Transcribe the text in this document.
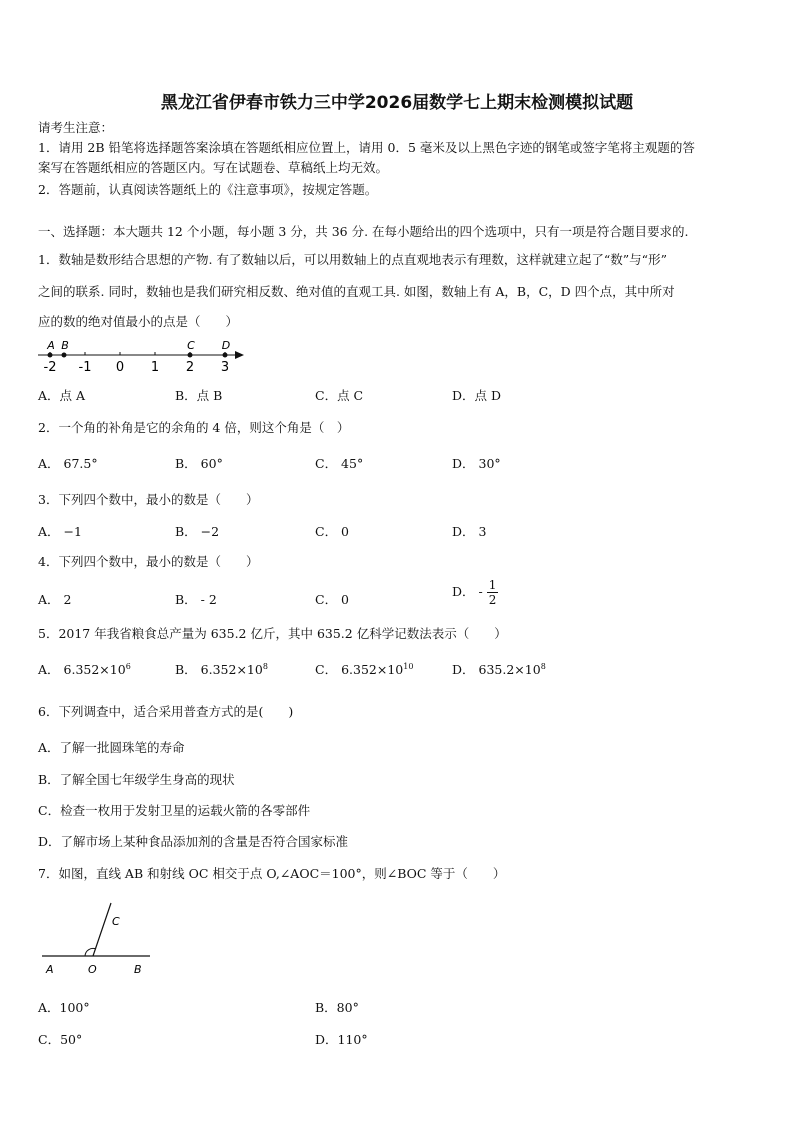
黑龙江省伊春市铁力三中学2026届数学七上期末检测模拟试题
请考生注意：
1．请用 2B 铅笔将选择题答案涂填在答题纸相应位置上，请用 0．5 毫米及以上黑色字迹的钢笔或签字笔将主观题的答
案写在答题纸相应的答题区内。写在试题卷、草稿纸上均无效。
2．答题前，认真阅读答题纸上的《注意事项》，按规定答题。
一、选择题：本大题共 12 个小题，每小题 3 分，共 36 分. 在每小题给出的四个选项中，只有一项是符合题目要求的.
1．数轴是数形结合思想的产物. 有了数轴以后，可以用数轴上的点直观地表示有理数，这样就建立起了“数”与“形”
之间的联系. 同时，数轴也是我们研究相反数、绝对值的直观工具. 如图，数轴上有 A，B，C，D 四个点，其中所对
应的数的绝对值最小的点是（　　）
-2 -1 0 1 2 3
A B	C D
A．点 A	B．点 B	C．点 C	D．点 D
2．一个角的补角是它的余角的 4 倍，则这个角是（　）
A． 67.5°	B． 60°	C． 45°	D． 30°
3．下列四个数中，最小的数是（　　）
A． −1	B． −2	C． 0	D． 3
4．下列四个数中，最小的数是（　　）
A． 2	B． - 2	C． 0
D． - $\frac{1}{2}$
5．2017 年我省粮食总产量为 635.2 亿斤，其中 635.2 亿科学记数法表示（　　）
A． $6.352\times 10^6$	B． $6.352\times 10^8$	C． $6.352\times 10^{10}$	D． $635.2\times 10^8$
6．下列调查中，适合采用普查方式的是(　　)
A．了解一批圆珠笔的寿命
B．了解全国七年级学生身高的现状
C．检查一枚用于发射卫星的运载火箭的各零部件
D．了解市场上某种食品添加剂的含量是否符合国家标准
7．如图，直线 AB 和射线 OC 相交于点 O,∠AOC＝100°，则∠BOC 等于（　　）
A	O	B
C
A．100°	B．80°
C．50°	D．110°
